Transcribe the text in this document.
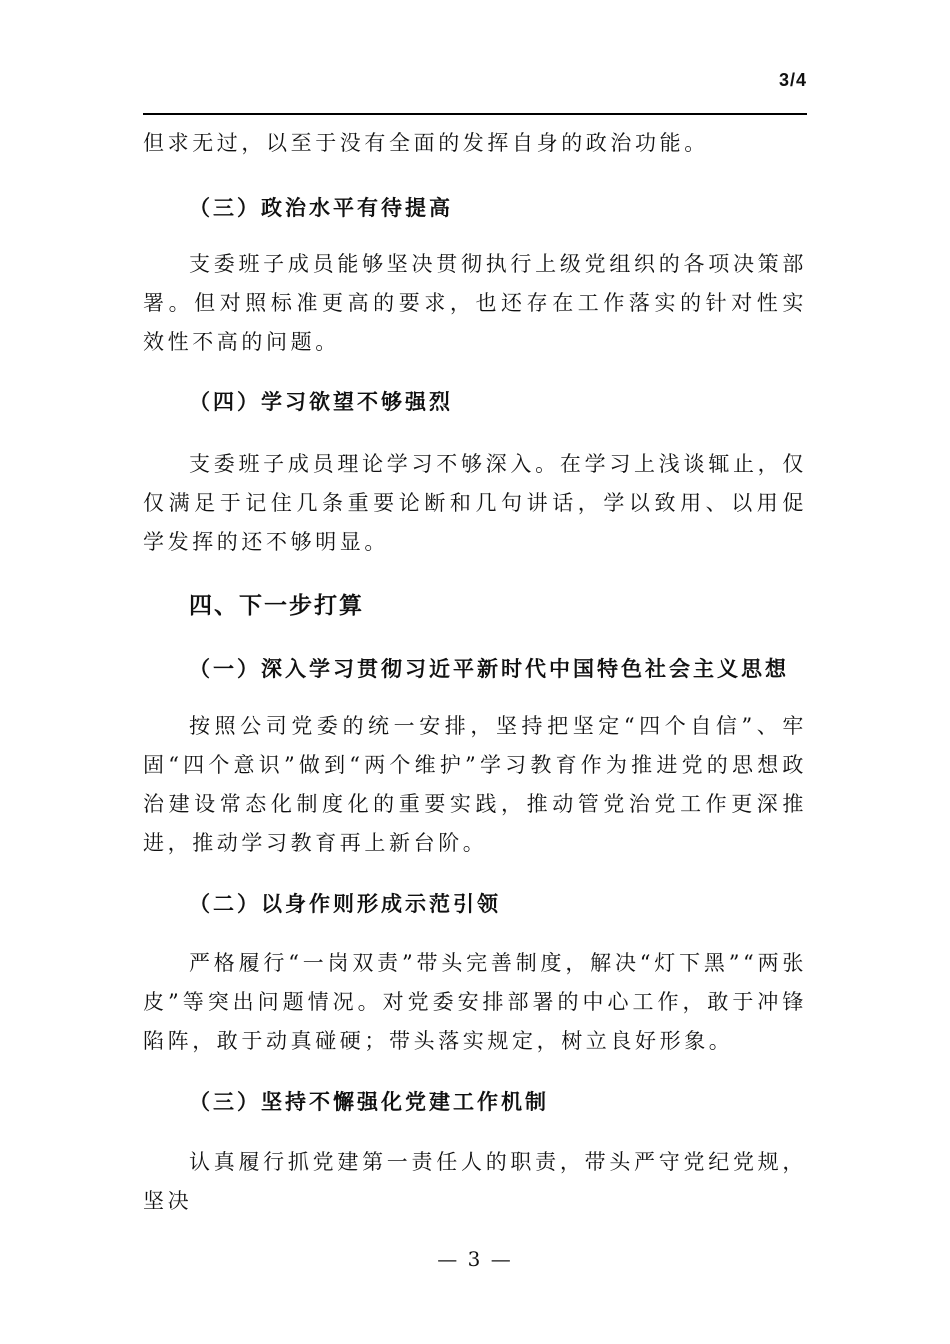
3/4

但求无过，以至于没有全面的发挥自身的政治功能。

（三）政治水平有待提高

支委班子成员能够坚决贯彻执行上级党组织的各项决策部署。但对照标准更高的要求，也还存在工作落实的针对性实效性不高的问题。

（四）学习欲望不够强烈

支委班子成员理论学习不够深入。在学习上浅谈辄止，仅仅满足于记住几条重要论断和几句讲话，学以致用、以用促学发挥的还不够明显。

四、下一步打算

（一）深入学习贯彻习近平新时代中国特色社会主义思想

按照公司党委的统一安排，坚持把坚定“四个自信”、牢固“四个意识”做到“两个维护”学习教育作为推进党的思想政治建设常态化制度化的重要实践，推动管党治党工作更深推进，推动学习教育再上新台阶。

（二）以身作则形成示范引领

严格履行“一岗双责”带头完善制度，解决“灯下黑”“两张皮”等突出问题情况。对党委安排部署的中心工作，敢于冲锋陷阵，敢于动真碰硬；带头落实规定，树立良好形象。

（三）坚持不懈强化党建工作机制

认真履行抓党建第一责任人的职责，带头严守党纪党规，坚决

— 3 —
